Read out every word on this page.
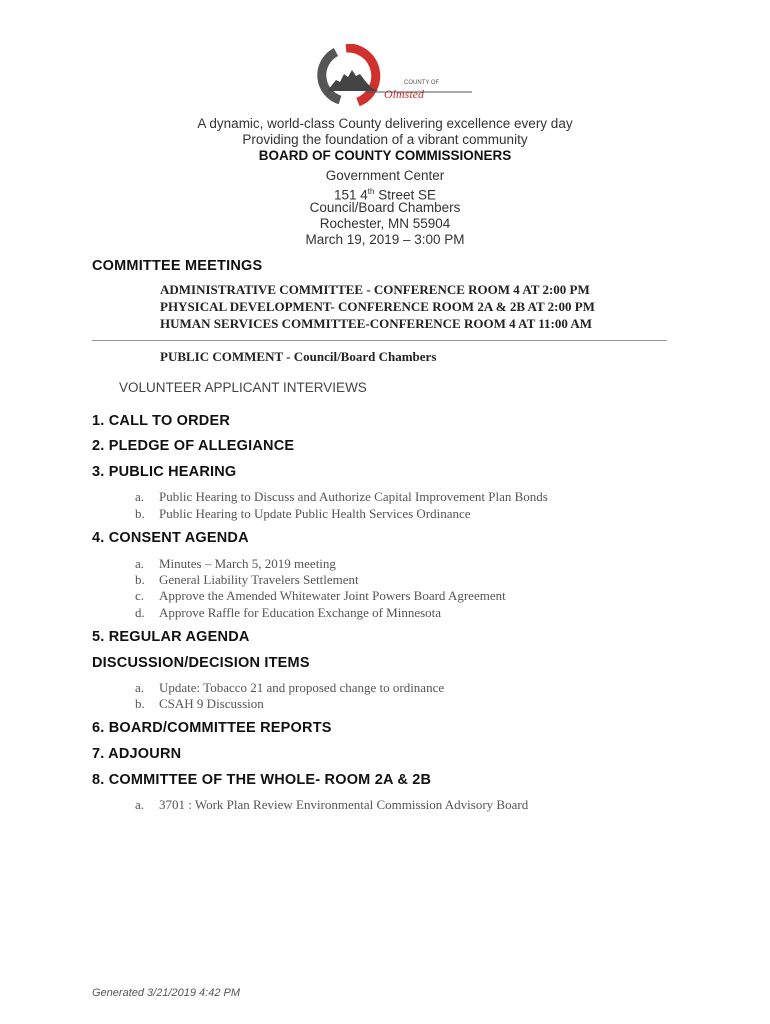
COUNTY OF
Olmsted
A dynamic, world-class County delivering excellence every day
Providing the foundation of a vibrant community
BOARD OF COUNTY COMMISSIONERS
Government Center
151 4th Street SE
Council/Board Chambers
Rochester, MN 55904
March 19, 2019 – 3:00 PM
COMMITTEE MEETINGS
ADMINISTRATIVE COMMITTEE - CONFERENCE ROOM 4 AT 2:00 PM
PHYSICAL DEVELOPMENT- CONFERENCE ROOM 2A & 2B AT 2:00 PM
HUMAN SERVICES COMMITTEE-CONFERENCE ROOM 4 AT 11:00 AM
PUBLIC COMMENT - Council/Board Chambers
VOLUNTEER APPLICANT INTERVIEWS
1. CALL TO ORDER
2. PLEDGE OF ALLEGIANCE
3. PUBLIC HEARING
a. Public Hearing to Discuss and Authorize Capital Improvement Plan Bonds
b. Public Hearing to Update Public Health Services Ordinance
4. CONSENT AGENDA
a. Minutes – March 5, 2019 meeting
b. General Liability Travelers Settlement
c. Approve the Amended Whitewater Joint Powers Board Agreement
d. Approve Raffle for Education Exchange of Minnesota
5. REGULAR AGENDA
DISCUSSION/DECISION ITEMS
a. Update: Tobacco 21 and proposed change to ordinance
b. CSAH 9 Discussion
6. BOARD/COMMITTEE REPORTS
7. ADJOURN
8. COMMITTEE OF THE WHOLE- ROOM 2A & 2B
a. 3701 : Work Plan Review Environmental Commission Advisory Board
Generated 3/21/2019 4:42 PM
